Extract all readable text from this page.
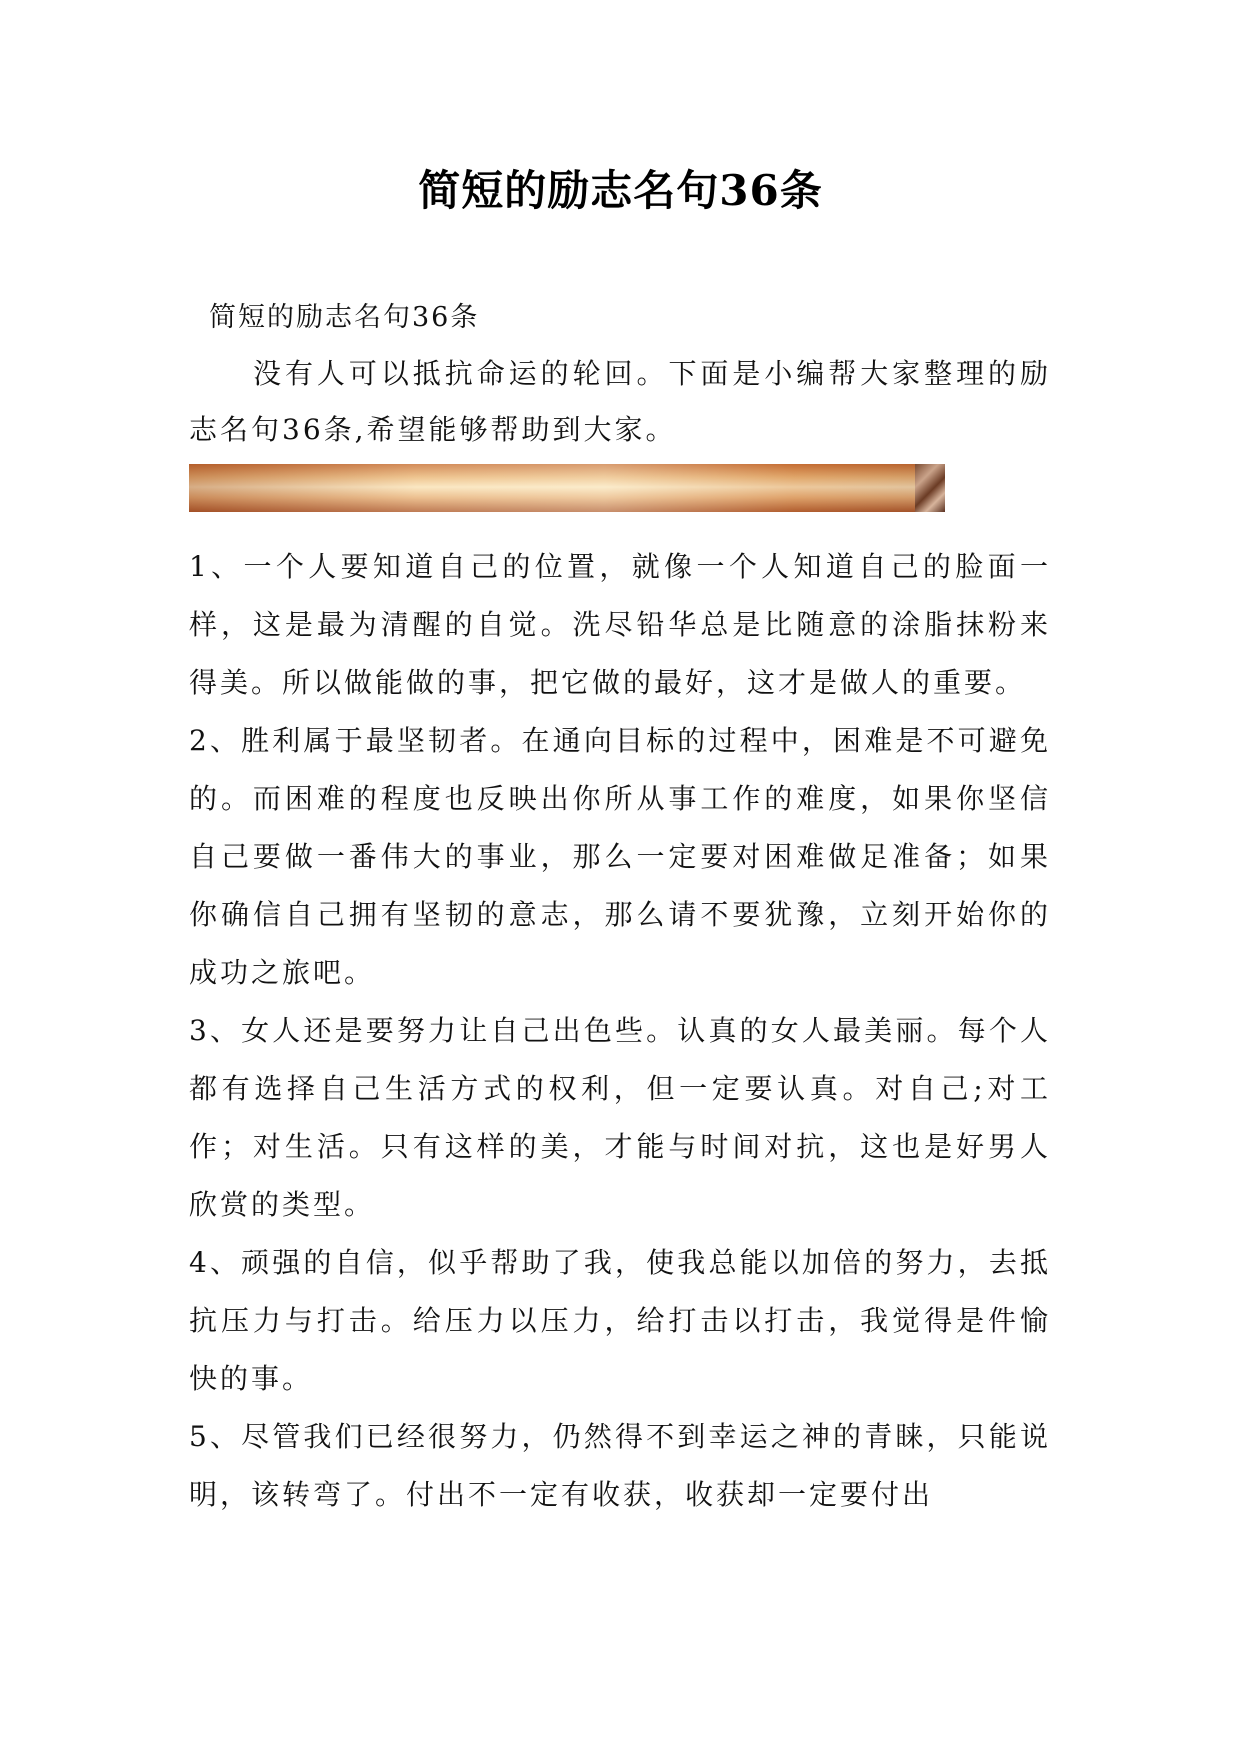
简短的励志名句36条

简短的励志名句36条

没有人可以抵抗命运的轮回。下面是小编帮大家整理的励志名句36条,希望能够帮助到大家。

1、一个人要知道自己的位置，就像一个人知道自己的脸面一样，这是最为清醒的自觉。洗尽铅华总是比随意的涂脂抹粉来得美。所以做能做的事，把它做的最好，这才是做人的重要。

2、胜利属于最坚韧者。在通向目标的过程中，困难是不可避免的。而困难的程度也反映出你所从事工作的难度，如果你坚信自己要做一番伟大的事业，那么一定要对困难做足准备；如果你确信自己拥有坚韧的意志，那么请不要犹豫，立刻开始你的成功之旅吧。

3、女人还是要努力让自己出色些。认真的女人最美丽。每个人都有选择自己生活方式的权利，但一定要认真。对自己;对工作；对生活。只有这样的美，才能与时间对抗，这也是好男人欣赏的类型。

4、顽强的自信，似乎帮助了我，使我总能以加倍的努力，去抵抗压力与打击。给压力以压力，给打击以打击，我觉得是件愉快的事。

5、尽管我们已经很努力，仍然得不到幸运之神的青睐，只能说明，该转弯了。付出不一定有收获，收获却一定要付出
